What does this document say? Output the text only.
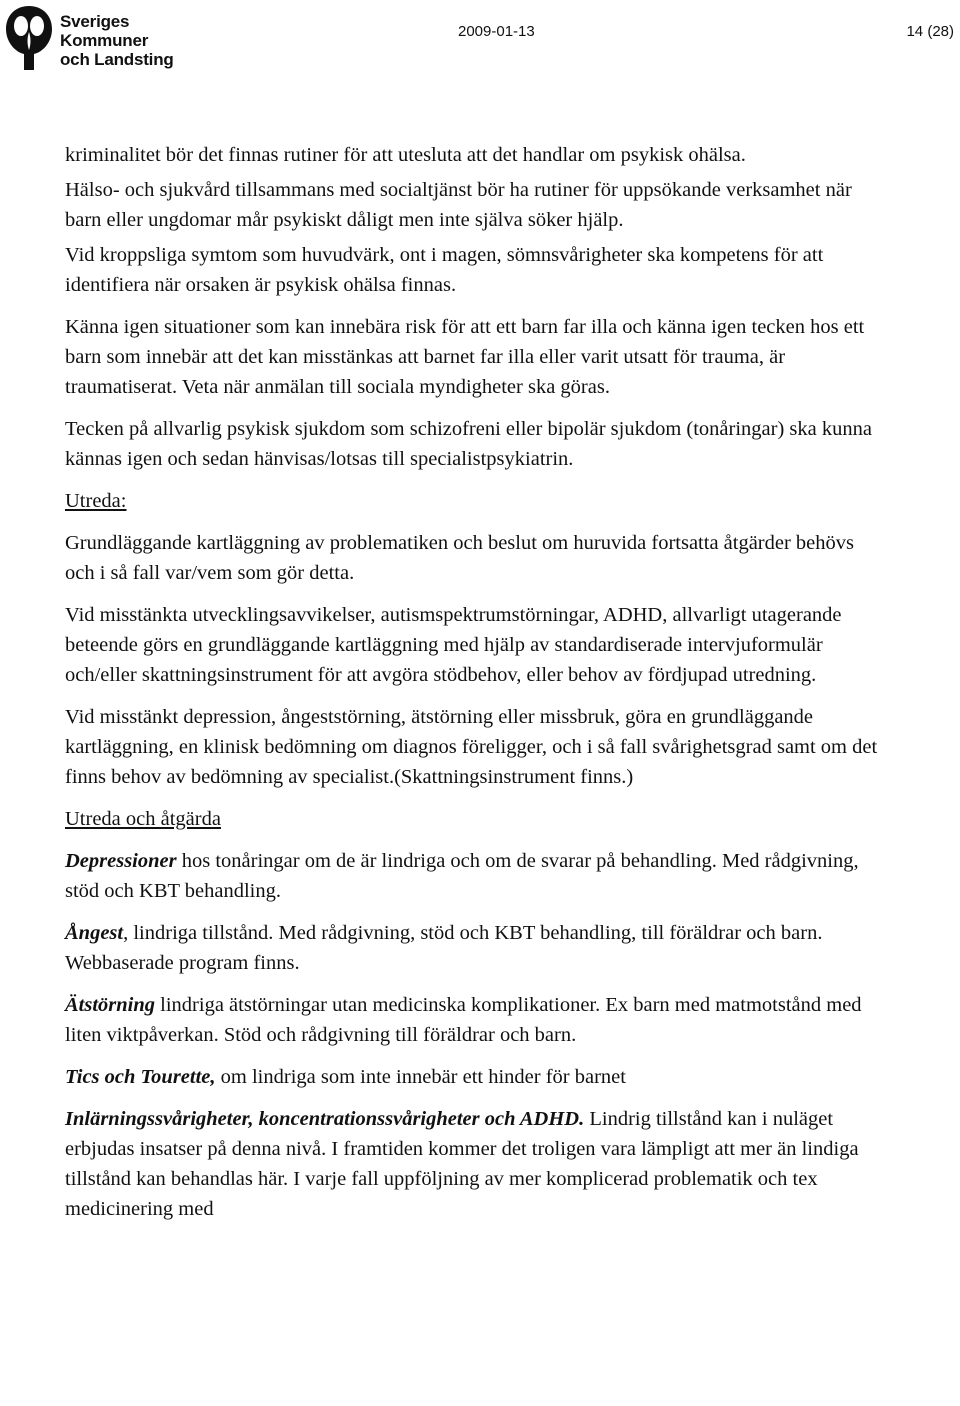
Sveriges
Kommuner
och Landsting
2009-01-13	14 (28)

kriminalitet bör det finnas rutiner för att utesluta att det handlar om psykisk ohälsa.

Hälso- och sjukvård tillsammans med socialtjänst bör ha rutiner för uppsökande verksamhet när barn eller ungdomar mår psykiskt dåligt men inte själva söker hjälp.

Vid kroppsliga symtom som huvudvärk, ont i magen, sömnsvårigheter ska kompetens för att identifiera när orsaken är psykisk ohälsa finnas.

Känna igen situationer som kan innebära risk för att ett barn far illa och känna igen tecken hos ett barn som innebär att det kan misstänkas att barnet far illa eller varit utsatt för trauma, är traumatiserat. Veta när anmälan till sociala myndigheter ska göras.

Tecken på allvarlig psykisk sjukdom som schizofreni eller bipolär sjukdom (tonåringar) ska kunna kännas igen och sedan hänvisas/lotsas till specialistpsykiatrin.

Utreda:

Grundläggande kartläggning av problematiken och beslut om huruvida fortsatta åtgärder behövs och i så fall var/vem som gör detta.

Vid misstänkta utvecklingsavvikelser, autismspektrumstörningar, ADHD, allvarligt utagerande beteende görs en grundläggande kartläggning med hjälp av standardiserade intervjuformulär och/eller skattningsinstrument för att avgöra stödbehov, eller behov av fördjupad utredning.

Vid misstänkt depression, ångeststörning, ätstörning eller missbruk, göra en grundläggande kartläggning, en klinisk bedömning om diagnos föreligger, och i så fall svårighetsgrad samt om det finns behov av bedömning av specialist.(Skattningsinstrument finns.)

Utreda och åtgärda

Depressioner hos tonåringar om de är lindriga och om de svarar på behandling. Med rådgivning, stöd och KBT behandling.

Ångest, lindriga tillstånd. Med rådgivning, stöd och KBT behandling, till föräldrar och barn. Webbaserade program finns.

Ätstörning lindriga ätstörningar utan medicinska komplikationer. Ex barn med matmotstånd med liten viktpåverkan. Stöd och rådgivning till föräldrar och barn.

Tics och Tourette, om lindriga som inte innebär ett hinder för barnet

Inlärningssvårigheter, koncentrationssvårigheter och ADHD. Lindrig tillstånd kan i nuläget erbjudas insatser på denna nivå. I framtiden kommer det troligen vara lämpligt att mer än lindiga tillstånd kan behandlas här. I varje fall uppföljning av mer komplicerad problematik och tex medicinering med
